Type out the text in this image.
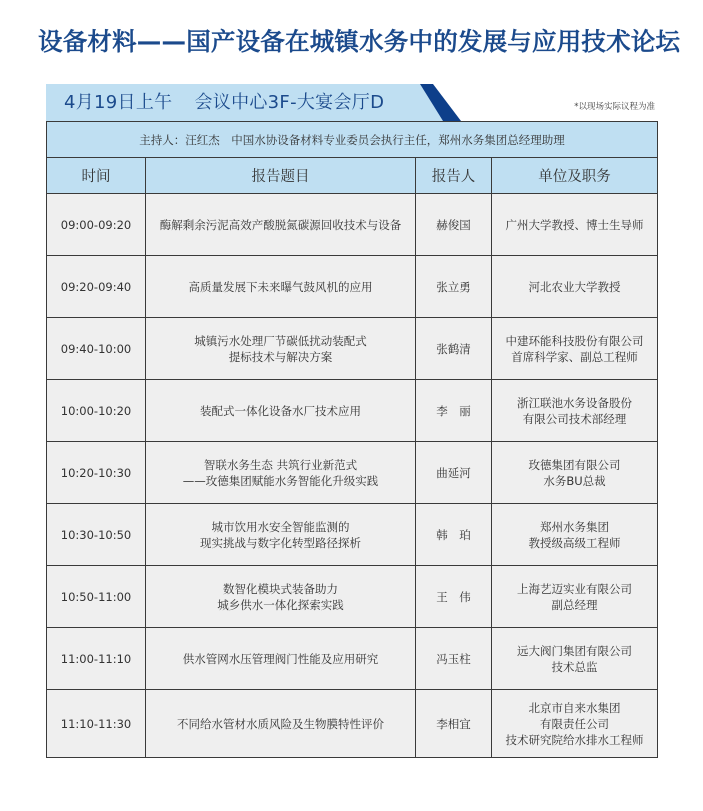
设备材料——国产设备在城镇水务中的发展与应用技术论坛
4月19日上午 会议中心3F-大宴会厅D	*以现场实际议程为准
主持人：汪红杰　中国水协设备材料专业委员会执行主任，郑州水务集团总经理助理			
时间	报告题目	报告人	单位及职务
09:00-09:20	酶解剩余污泥高效产酸脱氮碳源回收技术与设备	赫俊国	广州大学教授、博士生导师

09:20-09:40	高质量发展下未来曝气鼓风机的应用	张立勇	河北农业大学教授

09:40-10:00	城镇污水处理厂节碳低扰动装配式
提标技术与解决方案	张鹤清	中建环能科技股份有限公司
首席科学家、副总工程师

10:00-10:20	装配式一体化设备水厂技术应用	李　丽	浙江联池水务设备股份
有限公司技术部经理

10:20-10:30	智联水务生态 共筑行业新范式
——玫德集团赋能水务智能化升级实践	曲延河	玫德集团有限公司
水务BU总裁

10:30-10:50	城市饮用水安全智能监测的
现实挑战与数字化转型路径探析	韩　珀	郑州水务集团
教授级高级工程师

10:50-11:00	数智化模块式装备助力
城乡供水一体化探索实践	王　伟	上海艺迈实业有限公司
副总经理

11:00-11:10	供水管网水压管理阀门性能及应用研究	冯玉柱	远大阀门集团有限公司
技术总监

11:10-11:30	不同给水管材水质风险及生物膜特性评价	李相宜	北京市自来水集团
有限责任公司
技术研究院给水排水工程师
